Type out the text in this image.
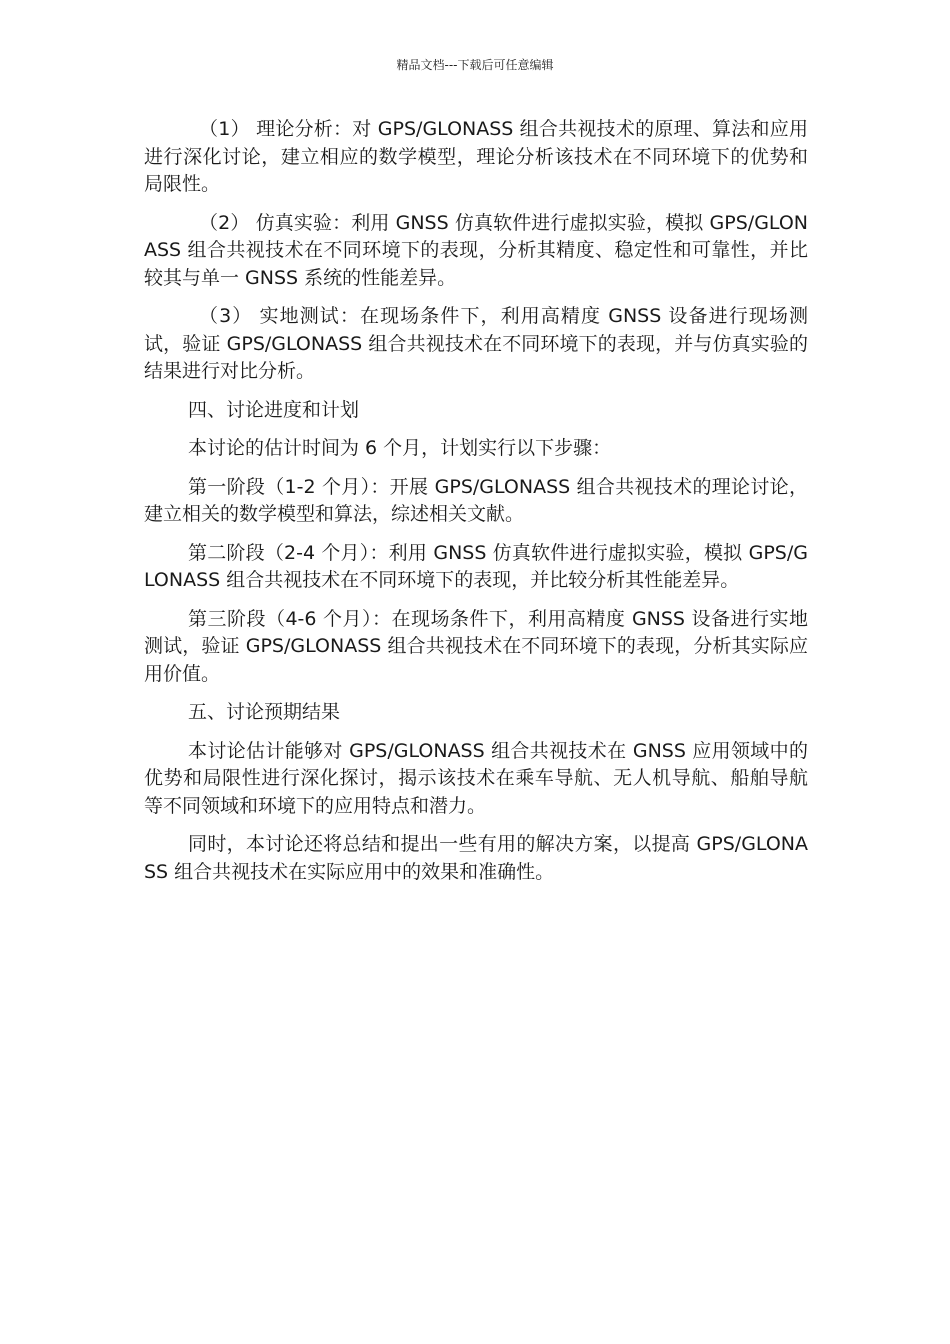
精品文档---下载后可任意编辑

（1） 理论分析：对 GPS/GLONASS 组合共视技术的原理、算法和应用进行深化讨论，建立相应的数学模型，理论分析该技术在不同环境下的优势和局限性。

（2） 仿真实验：利用 GNSS 仿真软件进行虚拟实验，模拟 GPS/GLONASS 组合共视技术在不同环境下的表现，分析其精度、稳定性和可靠性，并比较其与单一 GNSS 系统的性能差异。

（3） 实地测试：在现场条件下，利用高精度 GNSS 设备进行现场测试，验证 GPS/GLONASS 组合共视技术在不同环境下的表现，并与仿真实验的结果进行对比分析。

四、讨论进度和计划

本讨论的估计时间为 6 个月，计划实行以下步骤：

第一阶段（1-2 个月）：开展 GPS/GLONASS 组合共视技术的理论讨论，建立相关的数学模型和算法，综述相关文献。

第二阶段（2-4 个月）：利用 GNSS 仿真软件进行虚拟实验，模拟 GPS/GLONASS 组合共视技术在不同环境下的表现，并比较分析其性能差异。

第三阶段（4-6 个月）：在现场条件下，利用高精度 GNSS 设备进行实地测试，验证 GPS/GLONASS 组合共视技术在不同环境下的表现，分析其实际应用价值。

五、讨论预期结果

本讨论估计能够对 GPS/GLONASS 组合共视技术在 GNSS 应用领域中的优势和局限性进行深化探讨，揭示该技术在乘车导航、无人机导航、船舶导航等不同领域和环境下的应用特点和潜力。

同时，本讨论还将总结和提出一些有用的解决方案，以提高 GPS/GLONASS 组合共视技术在实际应用中的效果和准确性。
